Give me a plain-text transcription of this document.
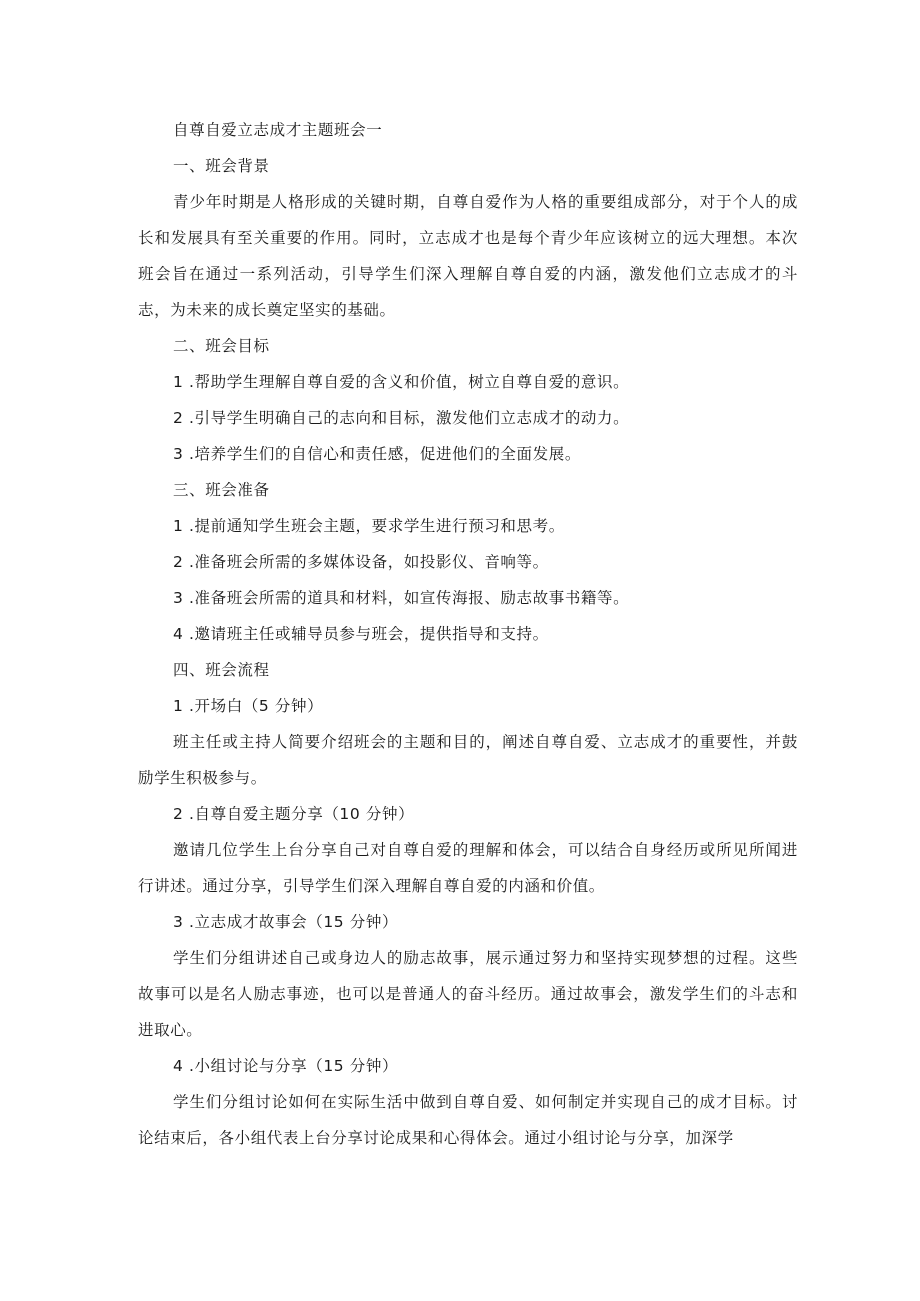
自尊自爱立志成才主题班会一
一、班会背景

青少年时期是人格形成的关键时期，自尊自爱作为人格的重要组成部分，对于个人的成长和发展具有至关重要的作用。同时，立志成才也是每个青少年应该树立的远大理想。本次班会旨在通过一系列活动，引导学生们深入理解自尊自爱的内涵，激发他们立志成才的斗志，为未来的成长奠定坚实的基础。

二、班会目标
1 .帮助学生理解自尊自爱的含义和价值，树立自尊自爱的意识。
2 .引导学生明确自己的志向和目标，激发他们立志成才的动力。
3 .培养学生们的自信心和责任感，促进他们的全面发展。
三、班会准备
1 .提前通知学生班会主题，要求学生进行预习和思考。
2 .准备班会所需的多媒体设备，如投影仪、音响等。
3 .准备班会所需的道具和材料，如宣传海报、励志故事书籍等。
4 .邀请班主任或辅导员参与班会，提供指导和支持。
四、班会流程
1 .开场白（5 分钟）

班主任或主持人简要介绍班会的主题和目的，阐述自尊自爱、立志成才的重要性，并鼓励学生积极参与。

2 .自尊自爱主题分享（10 分钟）

邀请几位学生上台分享自己对自尊自爱的理解和体会，可以结合自身经历或所见所闻进行讲述。通过分享，引导学生们深入理解自尊自爱的内涵和价值。

3 .立志成才故事会（15 分钟）

学生们分组讲述自己或身边人的励志故事，展示通过努力和坚持实现梦想的过程。这些故事可以是名人励志事迹，也可以是普通人的奋斗经历。通过故事会，激发学生们的斗志和进取心。

4 .小组讨论与分享（15 分钟）

学生们分组讨论如何在实际生活中做到自尊自爱、如何制定并实现自己的成才目标。讨论结束后，各小组代表上台分享讨论成果和心得体会。通过小组讨论与分享，加深学
